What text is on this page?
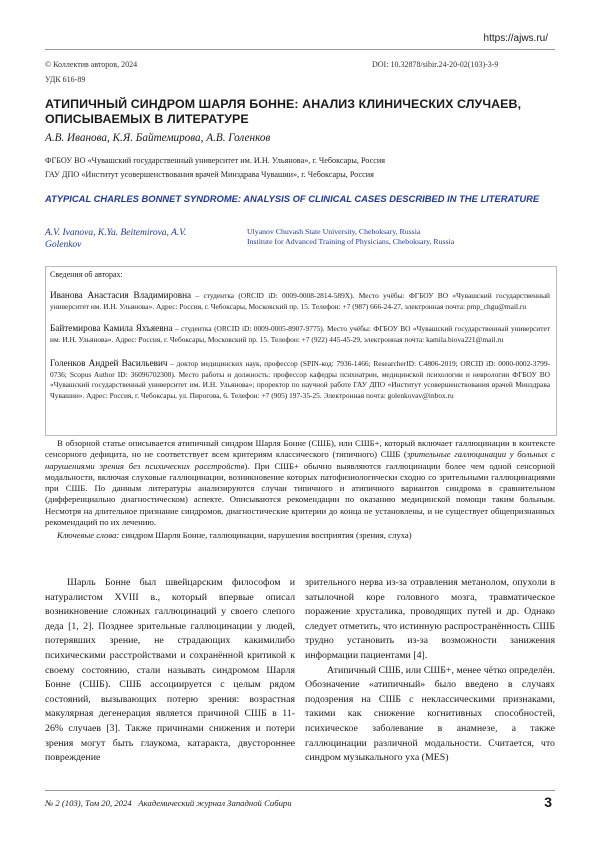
https://ajws.ru/
© Коллектив авторов, 2024	DOI: 10.32878/sibir.24-20-02(103)-3-9
УДК 616-89
АТИПИЧНЫЙ СИНДРОМ ШАРЛЯ БОННЕ: АНАЛИЗ КЛИНИЧЕСКИХ СЛУЧАЕВ, ОПИСЫВАЕМЫХ В ЛИТЕРАТУРЕ
А.В. Иванова, К.Я. Байтемирова, А.В. Голенков
ФГБОУ ВО «Чувашский государственный университет им. И.Н. Ульянова», г. Чебоксары, Россия
ГАУ ДПО «Институт усовершенствования врачей Минздрава Чувашии», г. Чебоксары, Россия
ATYPICAL CHARLES BONNET SYNDROME: ANALYSIS OF CLINICAL CASES DESCRIBED IN THE LITERATURE
A.V. Ivanova, K.Ya. Beitemirova, A.V. Golenkov
Ulyanov Chuvash State University, Cheboksary, Russia
Institute for Advanced Training of Physicians, Cheboksary, Russia
Сведения об авторах:
Иванова Анастасия Владимировна – студентка (ORCID iD: 0009-0008-2814-589X). Место учёбы: ФГБОУ ВО «Чувашский государственный университет им. И.Н. Ульянова». Адрес: Россия, г. Чебоксары, Московский пр. 15. Телефон: +7 (987) 666-24-27, электронная почта: pmp_chgu@mail.ru
Байтемирова Камила Яхъяевна – студентка (ORCID iD: 0009-0005-8907-9775). Место учёбы: ФГБОУ ВО «Чувашский государственный университет им. И.Н. Ульянова». Адрес: Россия, г. Чебоксары, Московский пр. 15. Телефон: +7 (922) 445-45-29, электронная почта: kamila.biova221@mail.ru
Голенков Андрей Васильевич – доктор медицинских наук, профессор (SPIN-код: 7936-1466; ResearcherID: C4806-2019; ORCID iD: 0000-0002-3799-0736; Scopus Author ID: 36096702300). Место работы и должность: профессор кафедры психиатрии, медицинской психологии и неврологии ФГБОУ ВО «Чувашский государственный университет им. И.Н. Ульянова»; проректор по научной работе ГАУ ДПО «Институт усовершенствования врачей Минздрава Чувашии». Адрес: Россия, г. Чебоксары, ул. Пирогова, 6. Телефон: +7 (905) 197-35-25. Электронная почта: golenkovav@inbox.ru

В обзорной статье описывается атипичный синдром Шарля Бонне (СШБ), или СШБ+, который включает галлюцинации в контексте сенсорного дефицита, но не соответствует всем критериям классического (типичного) СШБ (зрительные галлюцинации у больных с нарушениями зрения без психических расстройств). При СШБ+ обычно выявляются галлюцинации более чем одной сенсорной модальности, включая слуховые галлюцинации, возникновение которых патофизиологически сходно со зрительными галлюцинациями при СШБ. По данным литературы анализируются случаи типичного и атипичного вариантов синдрома в сравнительном (дифференциально диагностическом) аспекте. Описываются рекомендации по оказанию медицинской помощи таким больным. Несмотря на длительное признание синдромов, диагностические критерии до конца не установлены, и не существует общепризнанных рекомендаций по их лечению.

Ключевые слова: синдром Шарля Бонне, галлюцинации, нарушения восприятия (зрения, слуха)

Шарль Бонне был швейцарским философом и натуралистом XVIII в., который впервые описал возникновение сложных галлюцинаций у своего слепого деда [1, 2]. Позднее зрительные галлюцинации у людей, потерявших зрение, не страдающих какимилибо психическими расстройствами и сохранённой критикой к своему состоянию, стали называть синдромом Шарля Бонне (СШБ). СШБ ассоциируется с целым рядом состояний, вызывающих потерю зрения: возрастная макулярная дегенерация является причиной СШБ в 11-26% случаев [3]. Также причинами снижения и потери зрения могут быть глаукома, катаракта, двустороннее повреждение

зрительного нерва из-за отравления метанолом, опухоли в затылочной коре головного мозга, травматическое поражение хрусталика, проводящих путей и др. Однако следует отметить, что истинную распространённость СШБ трудно установить из-за возможности занижения информации пациентами [4].

Атипичный СШБ, или СШБ+, менее чётко определён. Обозначение «атипичный» было введено в случаях подозрения на СШБ с неклассическими признаками, такими как снижение когнитивных способностей, психическое заболевание в анамнезе, а также галлюцинации различной модальности. Считается, что синдром музыкального уха (MES)

№ 2 (103), Том 20, 2024   Академический журнал Западной Сибири	3
